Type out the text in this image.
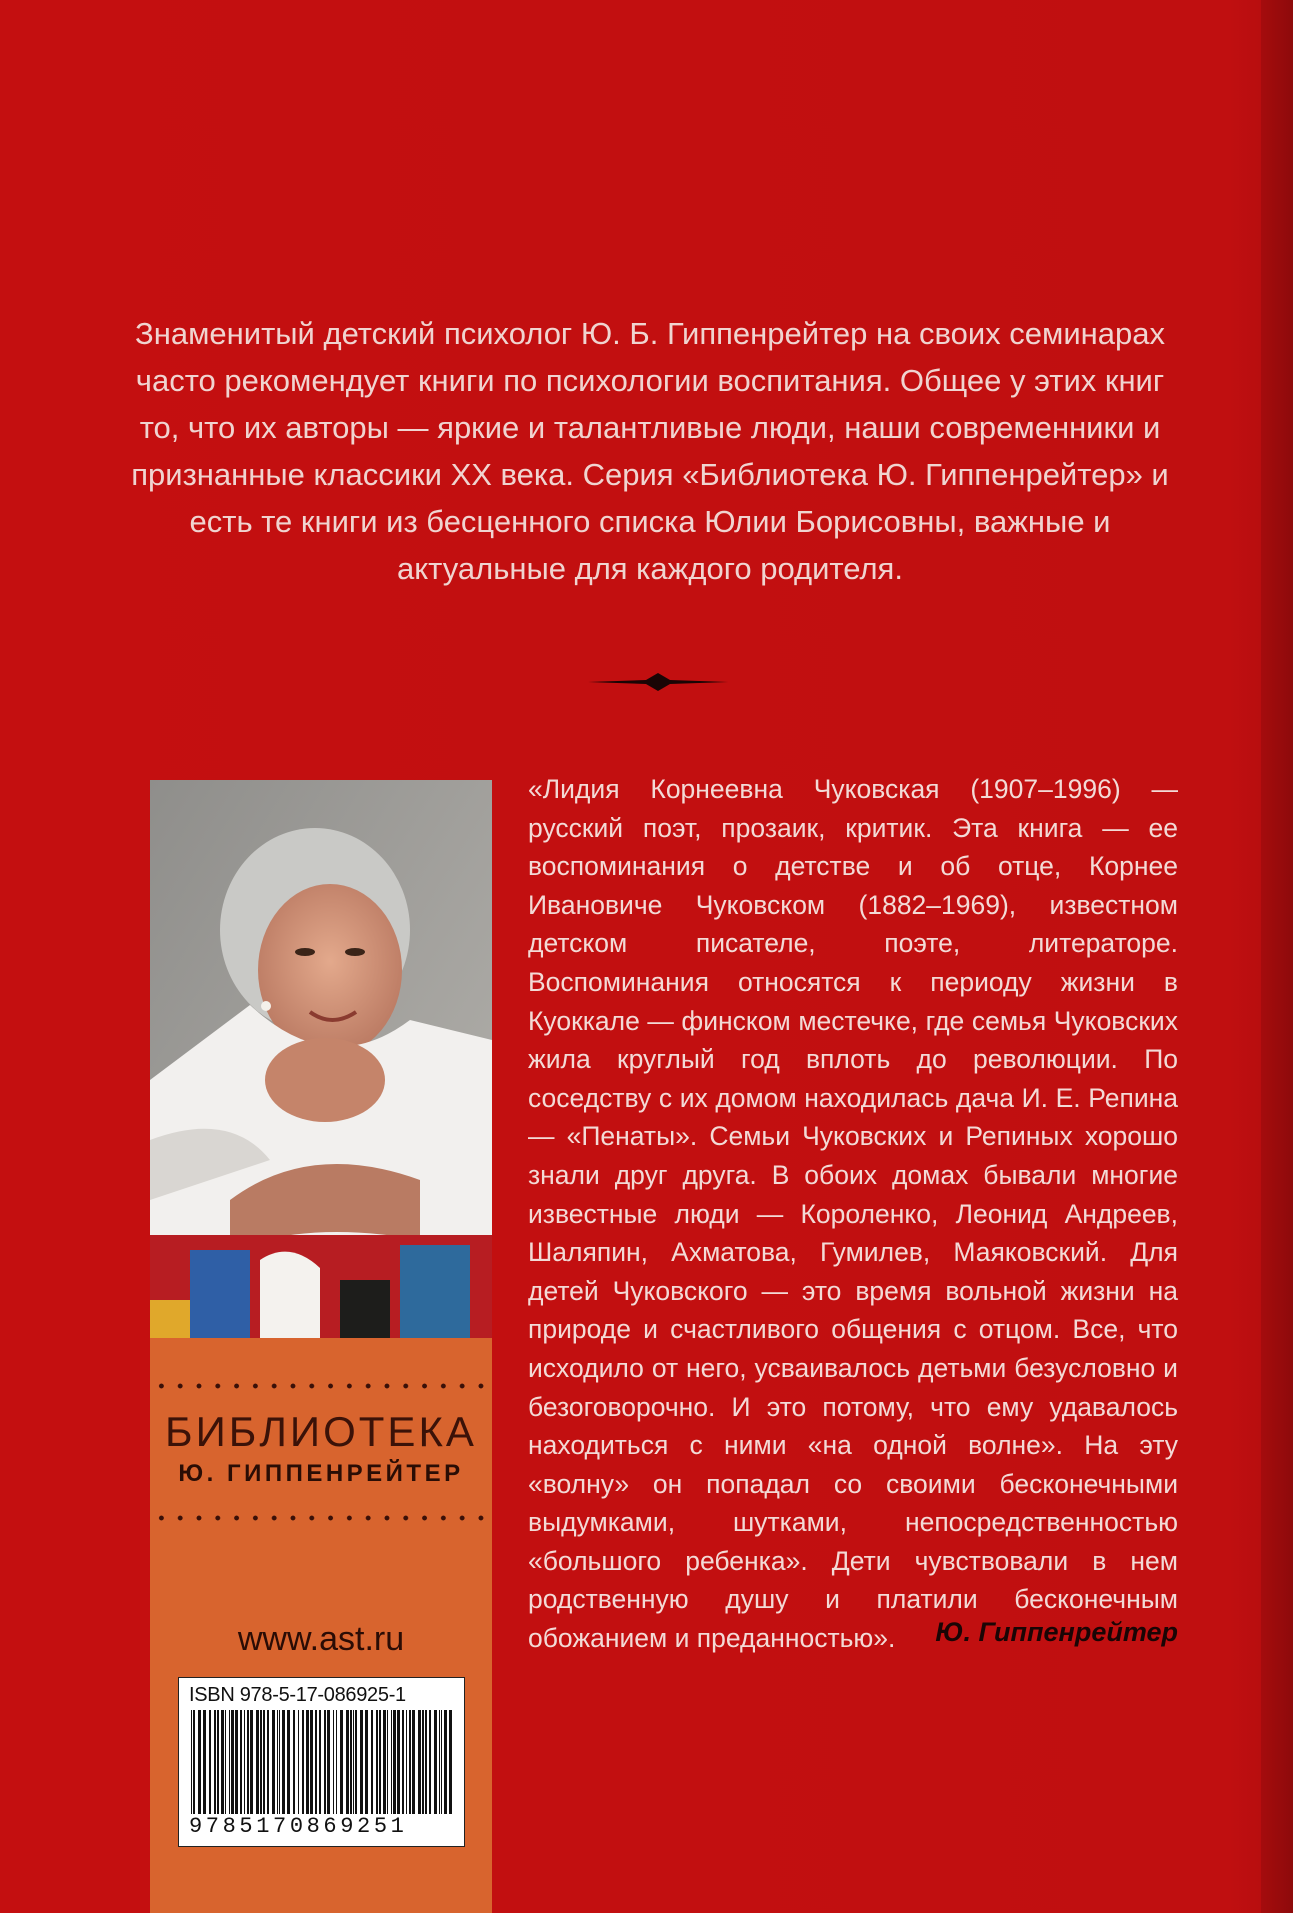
Знаменитый детский психолог Ю. Б. Гиппенрейтер на своих семинарах часто рекомендует книги по психологии воспитания. Общее у этих книг то, что их авторы — яркие и талантливые люди, наши современники и признанные классики XX века. Серия «Библиотека Ю. Гиппенрейтер» и есть те книги из бесценного списка Юлии Борисовны, важные и актуальные для каждого родителя.

БИБЛИОТЕКА
Ю. ГИППЕНРЕЙТЕР
www.ast.ru
ISBN 978-5-17-086925-1
9785170869251

«Лидия Корнеевна Чуковская (1907–1996) — русский поэт, прозаик, критик. Эта книга — ее воспоминания о детстве и об отце, Корнее Ивановиче Чуковском (1882–1969), известном детском писателе, поэте, литераторе. Воспоминания относятся к периоду жизни в Куоккале — финском местечке, где семья Чуковских жила круглый год вплоть до революции. По соседству с их домом находилась дача И. Е. Репина — «Пенаты». Семьи Чуковских и Репиных хорошо знали друг друга. В обоих домах бывали многие известные люди — Короленко, Леонид Андреев, Шаляпин, Ахматова, Гумилев, Маяковский. Для детей Чуковского — это время вольной жизни на природе и счастливого общения с отцом. Все, что исходило от него, усваивалось детьми безусловно и безоговорочно. И это потому, что ему удавалось находиться с ними «на одной волне». На эту «волну» он попадал со своими бесконечными выдумками, шутками, непосредственностью «большого ребенка». Дети чувствовали в нем родственную душу и платили бесконечным обожанием и преданностью».	Ю. Гиппенрейтер
